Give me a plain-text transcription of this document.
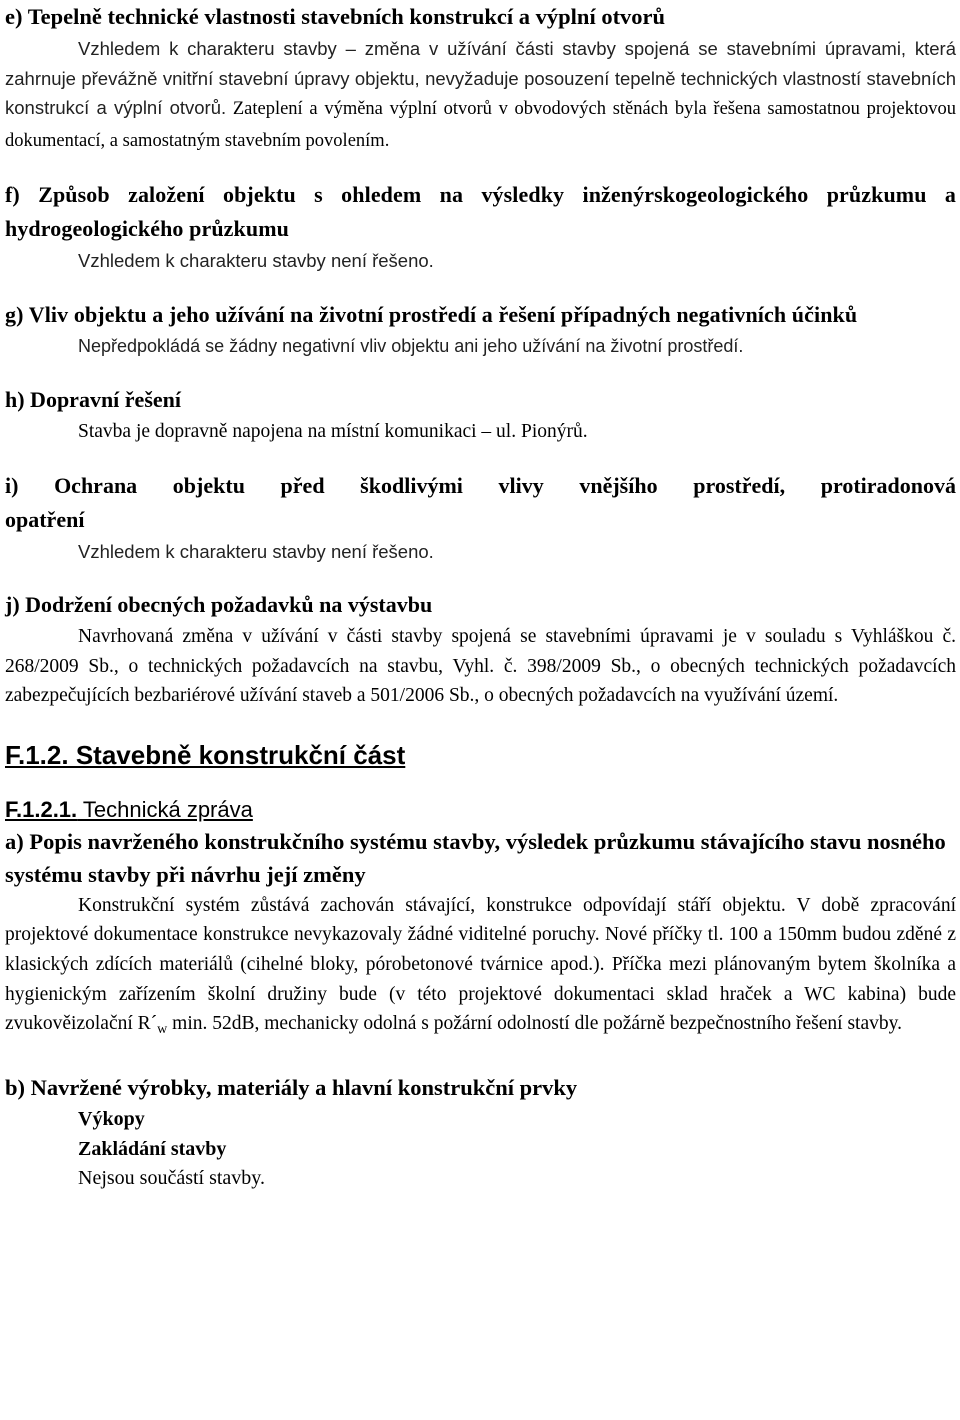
e) Tepelně technické vlastnosti stavebních konstrukcí a výplní otvorů

Vzhledem k charakteru stavby – změna v užívání části stavby spojená se stavebními úpravami, která zahrnuje převážně vnitřní stavební úpravy objektu, nevyžaduje posouzení tepelně technických vlastností stavebních konstrukcí a výplní otvorů. Zateplení a výměna výplní otvorů v obvodových stěnách byla řešena samostatnou projektovou dokumentací, a samostatným stavebním povolením.

f) Způsob založení objektu s ohledem na výsledky inženýrskogeologického průzkumu a hydrogeologického průzkumu

Vzhledem k charakteru stavby není řešeno.

g) Vliv objektu a jeho užívání na životní prostředí a řešení případných negativních účinků

Nepředpokládá se žádny negativní vliv objektu ani jeho užívání na životní prostředí.

h) Dopravní řešení

Stavba je dopravně napojena na místní komunikaci – ul. Pionýrů.

i) Ochrana objektu před škodlivými vlivy vnějšího prostředí, protiradonová opatření

Vzhledem k charakteru stavby není řešeno.

j) Dodržení obecných požadavků na výstavbu

Navrhovaná změna v užívání v části stavby spojená se stavebními úpravami je v souladu s Vyhláškou č. 268/2009 Sb., o technických požadavcích na stavbu, Vyhl. č. 398/2009 Sb., o obecných technických požadavcích zabezpečujících bezbariérové užívání staveb a 501/2006 Sb., o obecných požadavcích na využívání území.

F.1.2. Stavebně konstrukční část

F.1.2.1. Technická zpráva

a) Popis navrženého konstrukčního systému stavby, výsledek průzkumu stávajícího stavu nosného systému stavby při návrhu její změny

Konstrukční systém zůstává zachován stávající, konstrukce odpovídají stáří objektu. V době zpracování projektové dokumentace konstrukce nevykazovaly žádné viditelné poruchy. Nové příčky tl. 100 a 150mm budou zděné z klasických zdících materiálů (cihelné bloky, pórobetonové tvárnice apod.). Příčka mezi plánovaným bytem školníka a hygienickým zařízením školní družiny bude (v této projektové dokumentaci sklad hraček a WC kabina) bude zvukověizolační $R´_w$ min. 52dB, mechanicky odolná s požární odolností dle požárně bezpečnostního řešení stavby.

b) Navržené výrobky, materiály a hlavní konstrukční prvky

Výkopy

Zakládání stavby

Nejsou součástí stavby.
